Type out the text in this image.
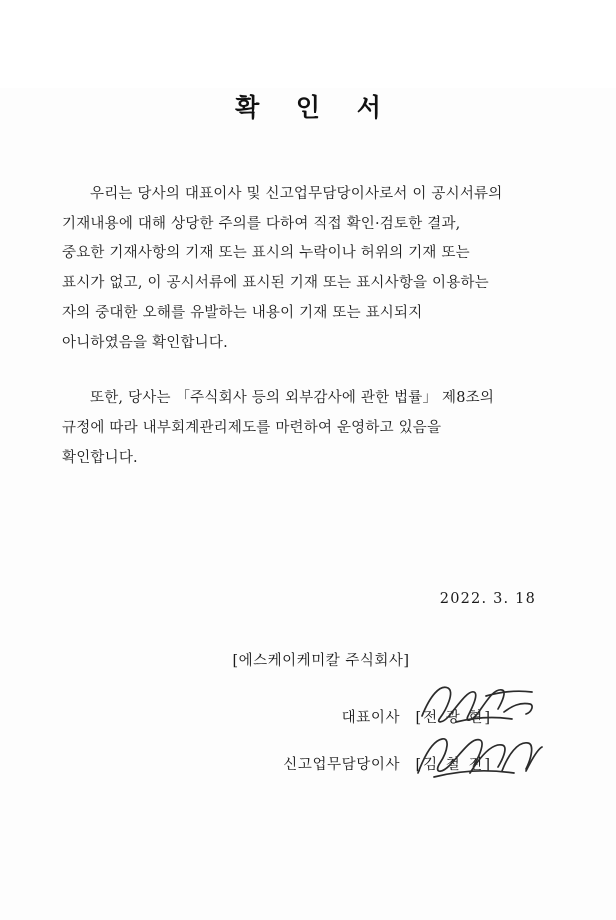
확 인 서

우리는 당사의 대표이사 및 신고업무담당이사로서 이 공시서류의

기재내용에 대해 상당한 주의를 다하여 직접 확인·검토한 결과,

중요한 기재사항의 기재 또는 표시의 누락이나 허위의 기재 또는

표시가 없고, 이 공시서류에 표시된 기재 또는 표시사항을 이용하는

자의 중대한 오해를 유발하는 내용이 기재 또는 표시되지

아니하였음을 확인합니다.

또한, 당사는 「주식회사 등의 외부감사에 관한 법률」 제8조의

규정에 따라 내부회계관리제도를 마련하여 운영하고 있음을

확인합니다.

2022. 3. 18
[에스케이케미칼 주식회사]
대표이사 [전 광 현]
신고업무담당이사 [김 철 진]
